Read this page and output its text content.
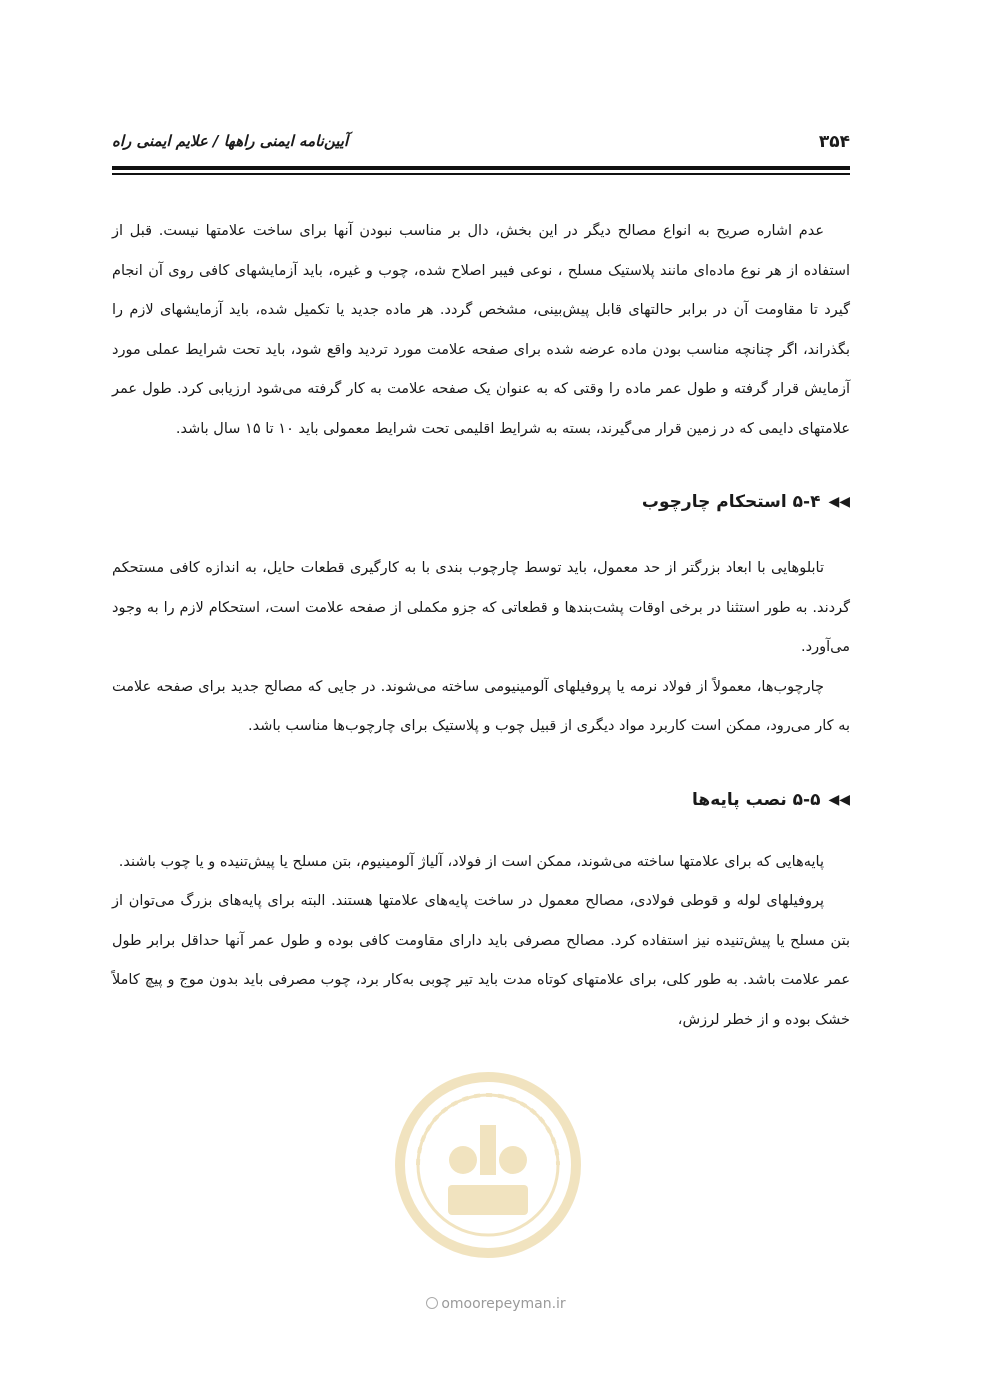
۳۵۴
آیین‌نامه ایمنی راهها / علایم ایمنی راه

عدم اشاره صریح به انواع مصالح دیگر در این بخش، دال بر مناسب نبودن آنها برای ساخت علامتها نیست. قبل از استفاده از هر نوع ماده‌ای مانند پلاستیک مسلح ، نوعی فیبر اصلاح شده، چوب و غیره، باید آزمایشهای کافی روی آن انجام گیرد تا مقاومت آن در برابر حالتهای قابل پیش‌بینی، مشخص گردد. هر ماده جدید یا تکمیل شده، باید آزمایشهای لازم را بگذراند، اگر چنانچه مناسب بودن ماده عرضه شده برای صفحه علامت مورد تردید واقع شود، باید تحت شرایط عملی مورد آزمایش قرار گرفته و طول عمر ماده را وقتی که به عنوان یک صفحه علامت به کار گرفته می‌شود ارزیابی کرد. طول عمر علامتهای دایمی که در زمین قرار می‌گیرند، بسته به شرایط اقلیمی تحت شرایط معمولی باید ۱۰ تا ۱۵ سال باشد.

◀◀
۵-۴ استحکام چارچوب

تابلوهایی با ابعاد بزرگتر از حد معمول، باید توسط چارچوب بندی با به کارگیری قطعات حایل، به اندازه کافی مستحکم گردند. به طور استثنا در برخی اوقات پشت‌بندها و قطعاتی که جزو مکملی از صفحه علامت است، استحکام لازم را به وجود می‌آورد.

چارچوب‌ها، معمولاً از فولاد نرمه یا پروفیلهای آلومینیومی ساخته می‌شوند. در جایی که مصالح جدید برای صفحه علامت به کار می‌رود، ممکن است کاربرد مواد دیگری از قبیل چوب و پلاستیک برای چارچوب‌ها مناسب باشد.

◀◀
۵-۵ نصب پایه‌ها

پایه‌هایی که برای علامتها ساخته می‌شوند، ممکن است از فولاد، آلیاژ آلومینیوم، بتن مسلح یا پیش‌تنیده و یا چوب باشند.

پروفیلهای لوله و قوطی فولادی، مصالح معمول در ساخت پایه‌های علامتها هستند. البته برای پایه‌های بزرگ می‌توان از بتن مسلح یا پیش‌تنیده نیز استفاده کرد. مصالح مصرفی باید دارای مقاومت کافی بوده و طول عمر آنها حداقل برابر طول عمر علامت باشد. به طور کلی، برای علامتهای کوتاه مدت باید تیر چوبی به‌کار برد، چوب مصرفی باید بدون موج و پیچ کاملاً خشک بوده و از خطر لرزش،

omoorepeyman.ir
